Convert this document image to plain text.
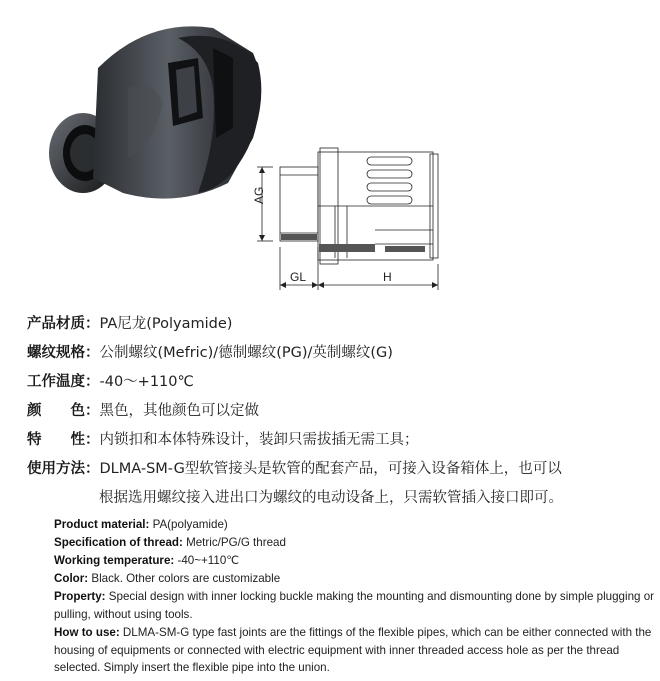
AG
GL	H
产品材质：PA尼龙(Polyamide)
螺纹规格：公制螺纹(Mefric)/德制螺纹(PG)/英制螺纹(G)
工作温度：-40～+110℃
颜　　色：黑色，其他颜色可以定做
特　　性：内锁扣和本体特殊设计，装卸只需拔插无需工具；
使用方法：DLMA-SM-G型软管接头是软管的配套产品，可接入设备箱体上，也可以
根据选用螺纹接入进出口为螺纹的电动设备上，只需软管插入接口即可。
Product material: PA(polyamide)
Specification of thread: Metric/PG/G thread
Working temperature: -40~+110℃
Color: Black. Other colors are customizable
Property: Special design with inner locking buckle making the mounting and dismounting done by simple plugging or pulling, without using tools.
How to use: DLMA-SM-G type fast joints are the fittings of the flexible pipes, which can be either connected with the housing of equipments or connected with electric equipment with inner threaded access hole as per the thread selected. Simply insert the flexible pipe into the union.
